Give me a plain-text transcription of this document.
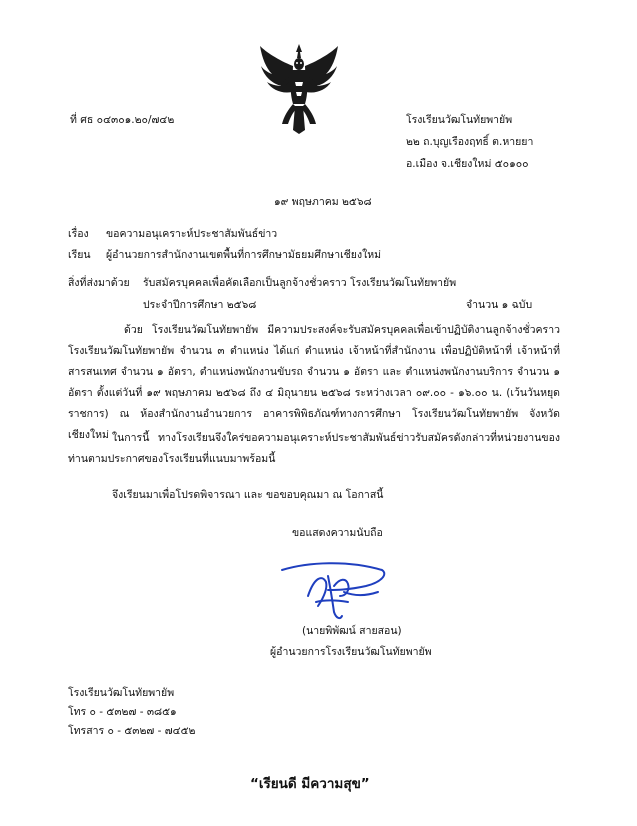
ที่ ศธ ๐๔๓๐๑.๒๐/๗๔๒	โรงเรียนวัฒโนทัยพายัพ
๒๒ ถ.บุญเรืองฤทธิ์ ต.หายยา
อ.เมือง จ.เชียงใหม่ ๕๐๑๐๐
๑๙ พฤษภาคม ๒๕๖๘
เรื่อง ขอความอนุเคราะห์ประชาสัมพันธ์ข่าว
เรียน ผู้อำนวยการสำนักงานเขตพื้นที่การศึกษามัธยมศึกษาเชียงใหม่
สิ่งที่ส่งมาด้วย รับสมัครบุคคลเพื่อคัดเลือกเป็นลูกจ้างชั่วคราว โรงเรียนวัฒโนทัยพายัพ
ประจำปีการศึกษา ๒๕๖๘	จำนวน ๑ ฉบับ

ด้วย โรงเรียนวัฒโนทัยพายัพ มีความประสงค์จะรับสมัครบุคคลเพื่อเข้าปฏิบัติงานลูกจ้างชั่วคราว โรงเรียนวัฒโนทัยพายัพ จำนวน ๓ ตำแหน่ง ได้แก่ ตำแหน่ง เจ้าหน้าที่สำนักงาน เพื่อปฏิบัติหน้าที่ เจ้าหน้าที่สารสนเทศ จำนวน ๑ อัตรา, ตำแหน่งพนักงานขับรถ จำนวน ๑ อัตรา และ ตำแหน่งพนักงานบริการ จำนวน ๑ อัตรา ตั้งแต่วันที่ ๑๙ พฤษภาคม ๒๕๖๘ ถึง ๔ มิถุนายน ๒๕๖๘ ระหว่างเวลา ๐๙.๐๐ - ๑๖.๐๐ น. (เว้นวันหยุดราชการ) ณ ห้องสำนักงานอำนวยการ อาคารพิพิธภัณฑ์ทางการศึกษา โรงเรียนวัฒโนทัยพายัพ จังหวัดเชียงใหม่ ในการนี้ ทางโรงเรียนจึงใคร่ขอความอนุเคราะห์ประชาสัมพันธ์ข่าวรับสมัครดังกล่าวที่หน่วยงานของท่านตามประกาศของโรงเรียนที่แนบมาพร้อมนี้

จึงเรียนมาเพื่อโปรดพิจารณา และ ขอขอบคุณมา ณ โอกาสนี้
ขอแสดงความนับถือ
(นายพิพัฒน์ สายสอน)
ผู้อำนวยการโรงเรียนวัฒโนทัยพายัพ
โรงเรียนวัฒโนทัยพายัพ
โทร ๐ - ๕๓๒๗ - ๓๘๕๑
โทรสาร ๐ - ๕๓๒๗ - ๗๔๕๒
“เรียนดี มีความสุข”
